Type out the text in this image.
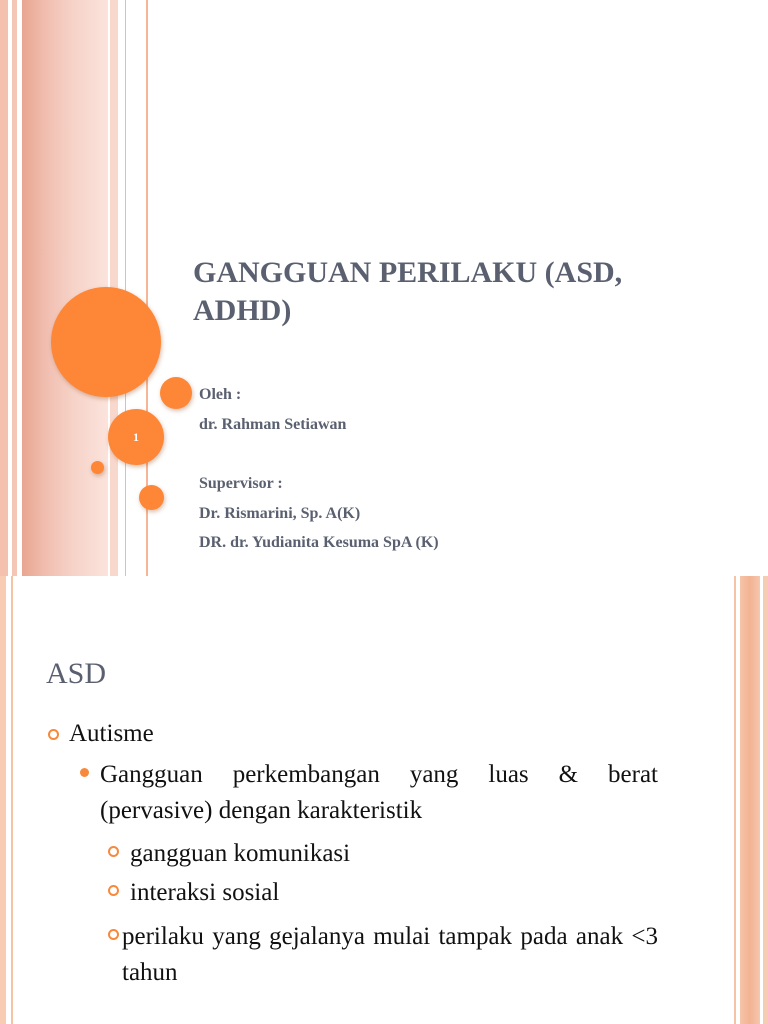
1
GANGGUAN PERILAKU (ASD, ADHD)
Oleh :
dr. Rahman Setiawan
Supervisor :
Dr. Rismarini, Sp. A(K)
DR. dr. Yudianita Kesuma SpA (K)
ASD
Autisme
Gangguan perkembangan yang luas & berat (pervasive) dengan karakteristik
gangguan komunikasi
interaksi sosial
perilaku yang gejalanya mulai tampak pada anak <3 tahun
